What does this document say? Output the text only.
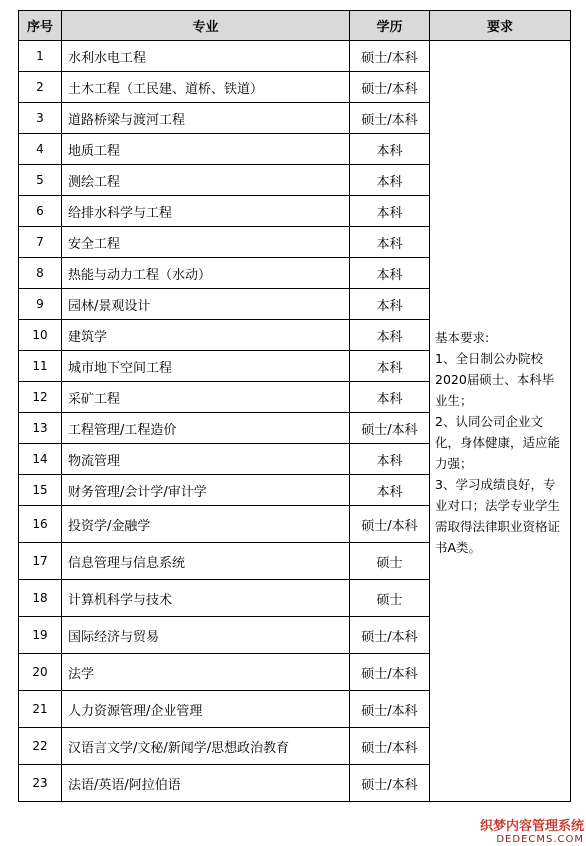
序号	专业	学历	要求
1	水利水电工程	硕士/本科	基本要求:
1、全日制公办院校2020届硕士、本科毕业生；
2、认同公司企业文化，身体健康，适应能力强；
3、学习成绩良好，专业对口；法学专业学生需取得法律职业资格证书A类。

2	土木工程（工民建、道桥、铁道）	硕士/本科	
3	道路桥梁与渡河工程	硕士/本科	
4	地质工程	本科	
5	测绘工程	本科	
6	给排水科学与工程	本科	
7	安全工程	本科	
8	热能与动力工程（水动）	本科	
9	园林/景观设计	本科	
10	建筑学	本科	
11	城市地下空间工程	本科	
12	采矿工程	本科	
13	工程管理/工程造价	硕士/本科	
14	物流管理	本科	
15	财务管理/会计学/审计学	本科	
16	投资学/金融学	硕士/本科	
17	信息管理与信息系统	硕士	
18	计算机科学与技术	硕士	
19	国际经济与贸易	硕士/本科	
20	法学	硕士/本科	
21	人力资源管理/企业管理	硕士/本科	
22	汉语言文学/文秘/新闻学/思想政治教育	硕士/本科	
23	法语/英语/阿拉伯语	硕士/本科	
织梦内容管理系统
DEDECMS.COM
